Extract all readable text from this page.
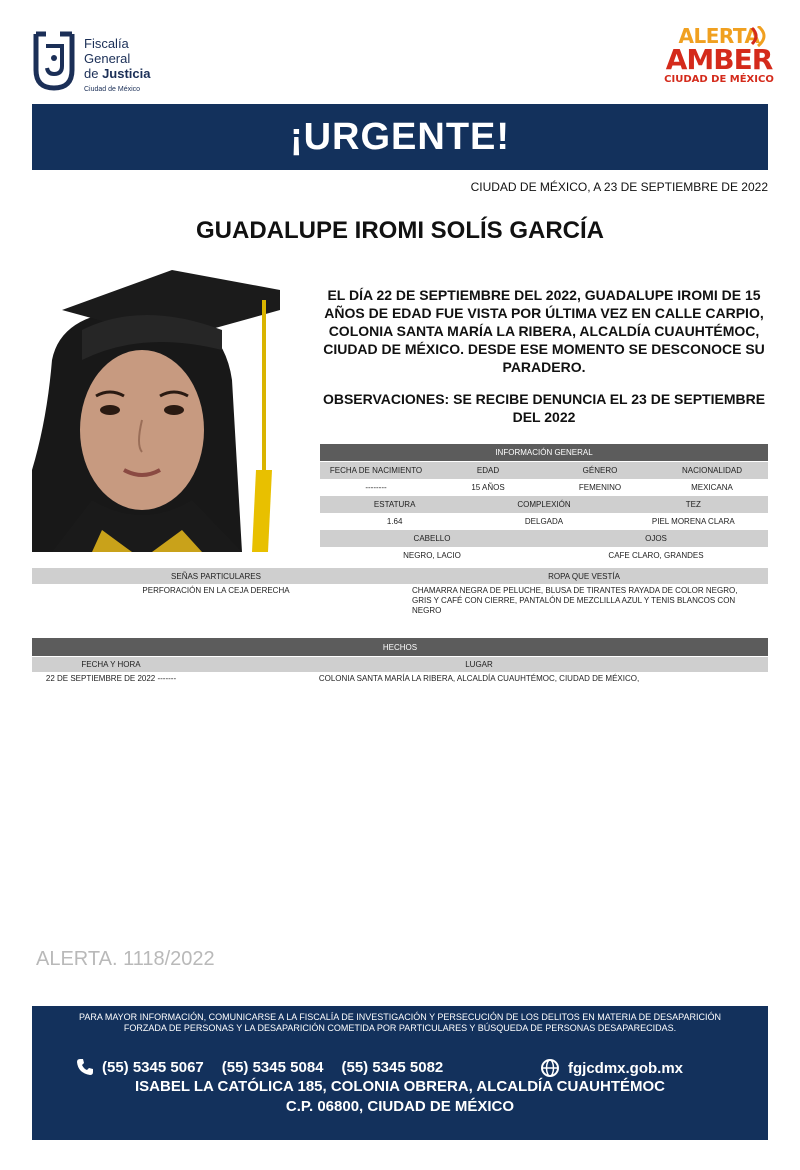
Fiscalía
General
de Justicia
Ciudad de México
ALERTA
AMBER
CIUDAD DE MÉXICO
¡URGENTE!
CIUDAD DE MÉXICO, A 23 DE SEPTIEMBRE DE 2022
GUADALUPE IROMI SOLÍS GARCÍA
EL DÍA 22 DE SEPTIEMBRE DEL 2022, GUADALUPE IROMI DE 15 AÑOS DE EDAD FUE VISTA POR ÚLTIMA VEZ EN CALLE CARPIO, COLONIA SANTA MARÍA LA RIBERA, ALCALDÍA CUAUHTÉMOC, CIUDAD DE MÉXICO. DESDE ESE MOMENTO SE DESCONOCE SU PARADERO.
OBSERVACIONES: SE RECIBE DENUNCIA EL 23 DE SEPTIEMBRE DEL 2022
INFORMACIÓN GENERAL
FECHA DE NACIMIENTO	EDAD	GÉNERO	NACIONALIDAD
--------	15 AÑOS	FEMENINO	MEXICANA
ESTATURA	COMPLEXIÓN	TEZ
1.64	DELGADA	PIEL MORENA CLARA
CABELLO	OJOS
NEGRO, LACIO	CAFE CLARO, GRANDES
SEÑAS PARTICULARES	ROPA QUE VESTÍA
PERFORACIÓN EN LA CEJA DERECHA	CHAMARRA NEGRA DE PELUCHE, BLUSA DE TIRANTES RAYADA DE COLOR NEGRO, GRIS Y CAFÉ CON CIERRE, PANTALÓN DE MEZCLILLA AZUL Y TENIS BLANCOS CON NEGRO
HECHOS
FECHA Y HORA	LUGAR
22 DE SEPTIEMBRE DE 2022 -------	COLONIA SANTA MARÍA LA RIBERA, ALCALDÍA CUAUHTÉMOC, CIUDAD DE MÉXICO,
ALERTA. 1118/2022
PARA MAYOR INFORMACIÓN, COMUNICARSE A LA FISCALÍA DE INVESTIGACIÓN Y PERSECUCIÓN DE LOS DELITOS EN MATERIA DE DESAPARICIÓN
FORZADA DE PERSONAS Y LA DESAPARICIÓN COMETIDA POR PARTICULARES Y BÚSQUEDA DE PERSONAS DESAPARECIDAS.
(55) 5345 5067 (55) 5345 5084 (55) 5345 5082	fgjcdmx.gob.mx
ISABEL LA CATÓLICA 185, COLONIA OBRERA, ALCALDÍA CUAUHTÉMOC
C.P. 06800, CIUDAD DE MÉXICO
